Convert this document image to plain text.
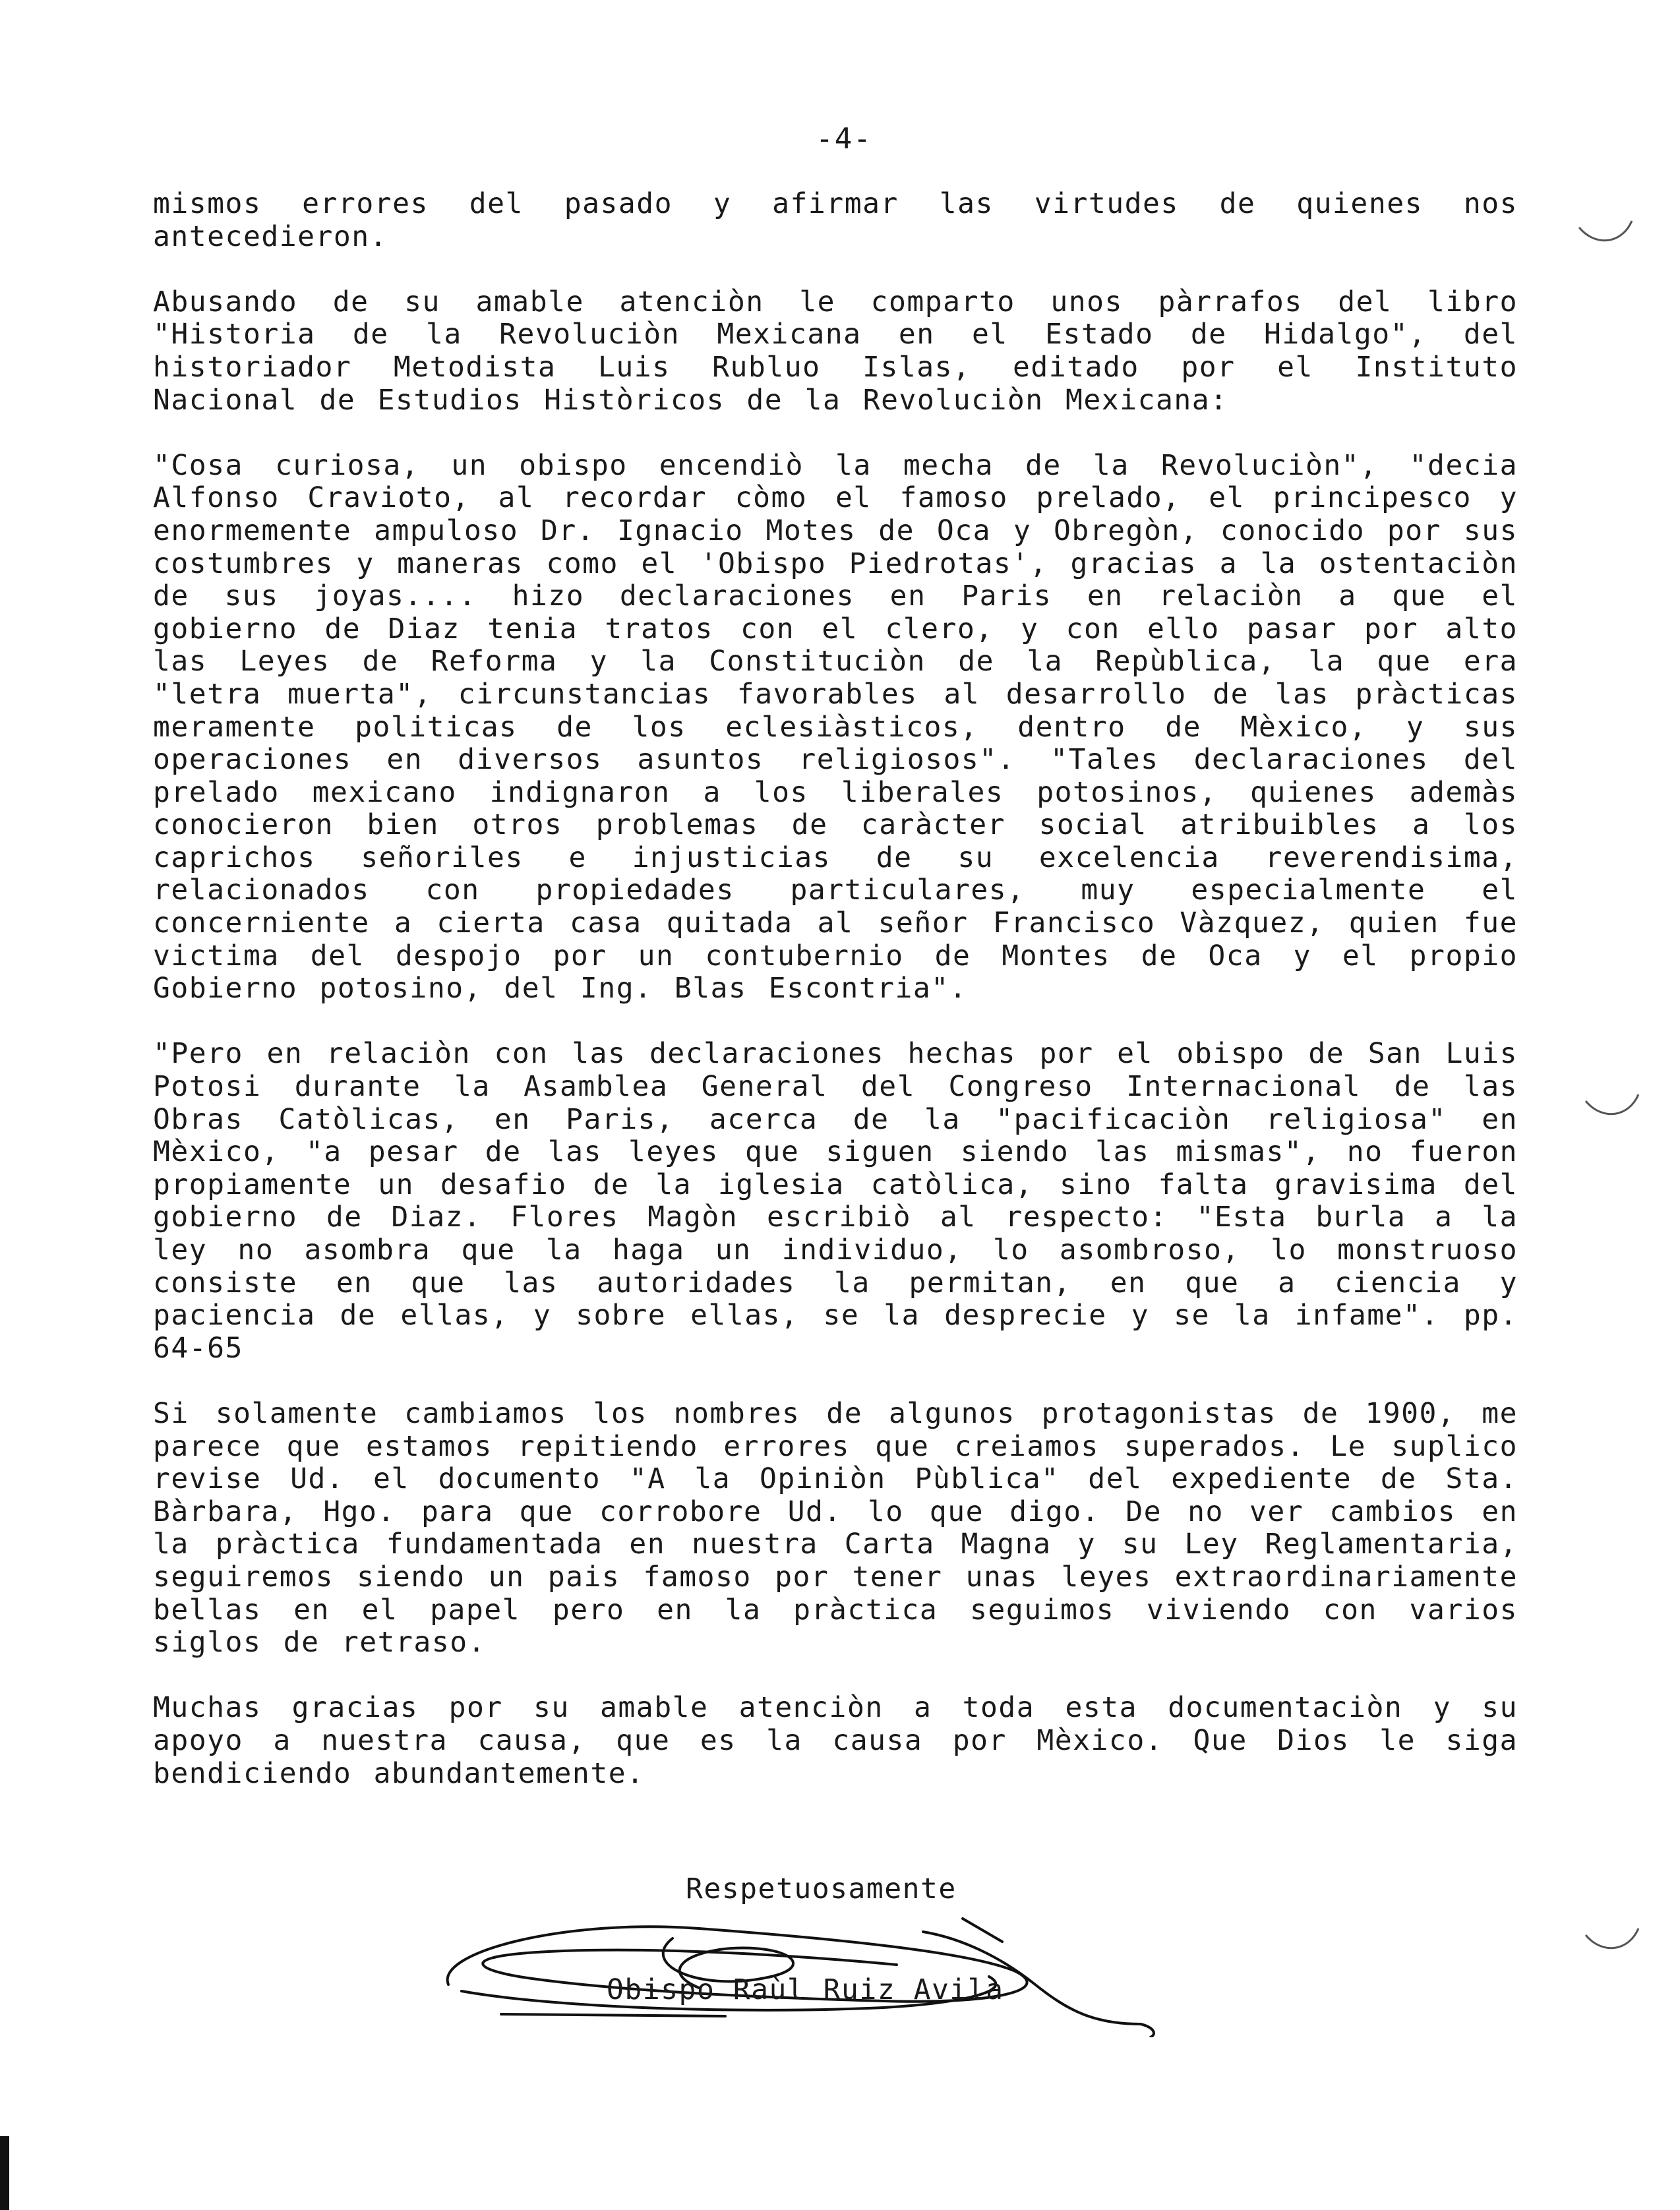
-4-

mismos errores del pasado y afirmar las virtudes de quienes nos antecedieron.

Abusando de su amable atenciòn le comparto unos pàrrafos del libro "Historia de la Revoluciòn Mexicana en el Estado de Hidalgo", del historiador Metodista Luis Rubluo Islas, editado por el Instituto Nacional de Estudios Històricos de la Revoluciòn Mexicana:

"Cosa curiosa, un obispo encendiò la mecha de la Revoluciòn", "decia Alfonso Cravioto, al recordar còmo el famoso prelado, el principesco y enormemente ampuloso Dr. Ignacio Motes de Oca y Obregòn, conocido por sus costumbres y maneras como el 'Obispo Piedrotas', gracias a la ostentaciòn de sus joyas.... hizo declaraciones en Paris en relaciòn a que el gobierno de Diaz tenia tratos con el clero, y con ello pasar por alto las Leyes de Reforma y la Constituciòn de la Repùblica, la que era "letra muerta", circunstancias favorables al desarrollo de las pràcticas meramente politicas de los eclesiàsticos, dentro de Mèxico, y sus operaciones en diversos asuntos religiosos". "Tales declaraciones del prelado mexicano indignaron a los liberales potosinos, quienes ademàs conocieron bien otros problemas de caràcter social atribuibles a los caprichos señoriles e injusticias de su excelencia reverendisima, relacionados con propiedades particulares, muy especialmente el concerniente a cierta casa quitada al señor Francisco Vàzquez, quien fue victima del despojo por un contubernio de Montes de Oca y el propio Gobierno potosino, del Ing. Blas Escontria".

"Pero en relaciòn con las declaraciones hechas por el obispo de San Luis Potosi durante la Asamblea General del Congreso Internacional de las Obras Catòlicas, en Paris, acerca de la "pacificaciòn religiosa" en Mèxico, "a pesar de las leyes que siguen siendo las mismas", no fueron propiamente un desafio de la iglesia catòlica, sino falta gravisima del gobierno de Diaz. Flores Magòn escribiò al respecto: "Esta burla a la ley no asombra que la haga un individuo, lo asombroso, lo monstruoso consiste en que las autoridades la permitan, en que a ciencia y paciencia de ellas, y sobre ellas, se la desprecie y se la infame". pp. 64-65

Si solamente cambiamos los nombres de algunos protagonistas de 1900, me parece que estamos repitiendo errores que creiamos superados. Le suplico revise Ud. el documento "A la Opiniòn Pùblica" del expediente de Sta. Bàrbara, Hgo. para que corrobore Ud. lo que digo. De no ver cambios en la pràctica fundamentada en nuestra Carta Magna y su Ley Reglamentaria, seguiremos siendo un pais famoso por tener unas leyes extraordinariamente bellas en el papel pero en la pràctica seguimos viviendo con varios siglos de retraso.

Muchas gracias por su amable atenciòn a toda esta documentaciòn y su apoyo a nuestra causa, que es la causa por Mèxico. Que Dios le siga bendiciendo abundantemente.

Respetuosamente
Obispo Raùl Ruiz Avila
